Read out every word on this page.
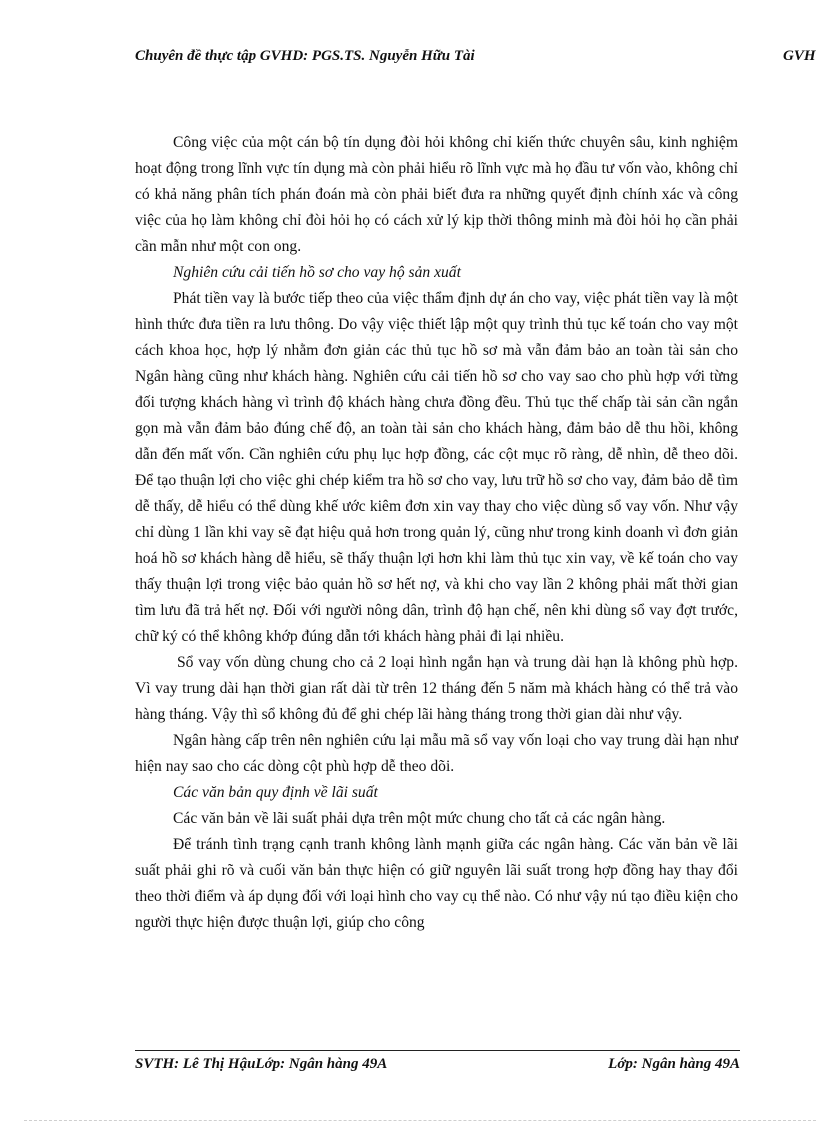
Chuyên đề thực tập GVHD: PGS.TS. Nguyễn Hữu Tài	GVH

Công việc của một cán bộ tín dụng đòi hỏi không chỉ kiến thức chuyên sâu, kinh nghiệm hoạt động trong lĩnh vực tín dụng mà còn phải hiểu rõ lĩnh vực mà họ đầu tư vốn vào, không chỉ có khả năng phân tích phán đoán mà còn phải biết đưa ra những quyết định chính xác và công việc của họ làm không chỉ đòi hỏi họ có cách xử lý kịp thời thông minh mà đòi hỏi họ cần phải cần mẫn như một con ong.

Nghiên cứu cải tiến hồ sơ cho vay hộ sản xuất

Phát tiền vay là bước tiếp theo của việc thẩm định dự án cho vay, việc phát tiền vay là một hình thức đưa tiền ra lưu thông. Do vậy việc thiết lập một quy trình thủ tục kế toán cho vay một cách khoa học, hợp lý nhằm đơn giản các thủ tục hồ sơ mà vẫn đảm bảo an toàn tài sản cho Ngân hàng cũng như khách hàng. Nghiên cứu cải tiến hồ sơ cho vay sao cho phù hợp với từng đối tượng khách hàng vì trình độ khách hàng chưa đồng đều. Thủ tục thế chấp tài sản cần ngắn gọn mà vẫn đảm bảo đúng chế độ, an toàn tài sản cho khách hàng, đảm bảo dễ thu hồi, không dẫn đến mất vốn. Cần nghiên cứu phụ lục hợp đồng, các cột mục rõ ràng, dễ nhìn, dễ theo dõi. Để tạo thuận lợi cho việc ghi chép kiểm tra hồ sơ cho vay, lưu trữ hồ sơ cho vay, đảm bảo dễ tìm dễ thấy, dễ hiểu có thể dùng khế ước kiêm đơn xin vay thay cho việc dùng sổ vay vốn. Như vậy chỉ dùng 1 lần khi vay sẽ đạt hiệu quả hơn trong quản lý, cũng như trong kinh doanh vì đơn giản hoá hồ sơ khách hàng dễ hiểu, sẽ thấy thuận lợi hơn khi làm thủ tục xin vay, về kế toán cho vay thấy thuận lợi trong việc bảo quản hồ sơ hết nợ, và khi cho vay lần 2 không phải mất thời gian tìm lưu đã trả hết nợ. Đối với người nông dân, trình độ hạn chế, nên khi dùng sổ vay đợt trước, chữ ký có thể không khớp đúng dẫn tới khách hàng phải đi lại nhiều.

Sổ vay vốn dùng chung cho cả 2 loại hình ngắn hạn và trung dài hạn là không phù hợp. Vì vay trung dài hạn thời gian rất dài từ trên 12 tháng đến 5 năm mà khách hàng có thể trả vào hàng tháng. Vậy thì sổ không đủ để ghi chép lãi hàng tháng trong thời gian dài như vậy.

Ngân hàng cấp trên nên nghiên cứu lại mẫu mã sổ vay vốn loại cho vay trung dài hạn như hiện nay sao cho các dòng cột phù hợp dễ theo dõi.

Các văn bản quy định về lãi suất

Các văn bản về lãi suất phải dựa trên một mức chung cho tất cả các ngân hàng.

Để tránh tình trạng cạnh tranh không lành mạnh giữa các ngân hàng. Các văn bản về lãi suất phải ghi rõ và cuối văn bản thực hiện có giữ nguyên lãi suất trong hợp đồng hay thay đổi theo thời điểm và áp dụng đối với loại hình cho vay cụ thể nào. Có như vậy nú tạo điều kiện cho người thực hiện được thuận lợi, giúp cho công

SVTH: Lê Thị HậuLớp: Ngân hàng 49A	Lớp: Ngân hàng 49A
